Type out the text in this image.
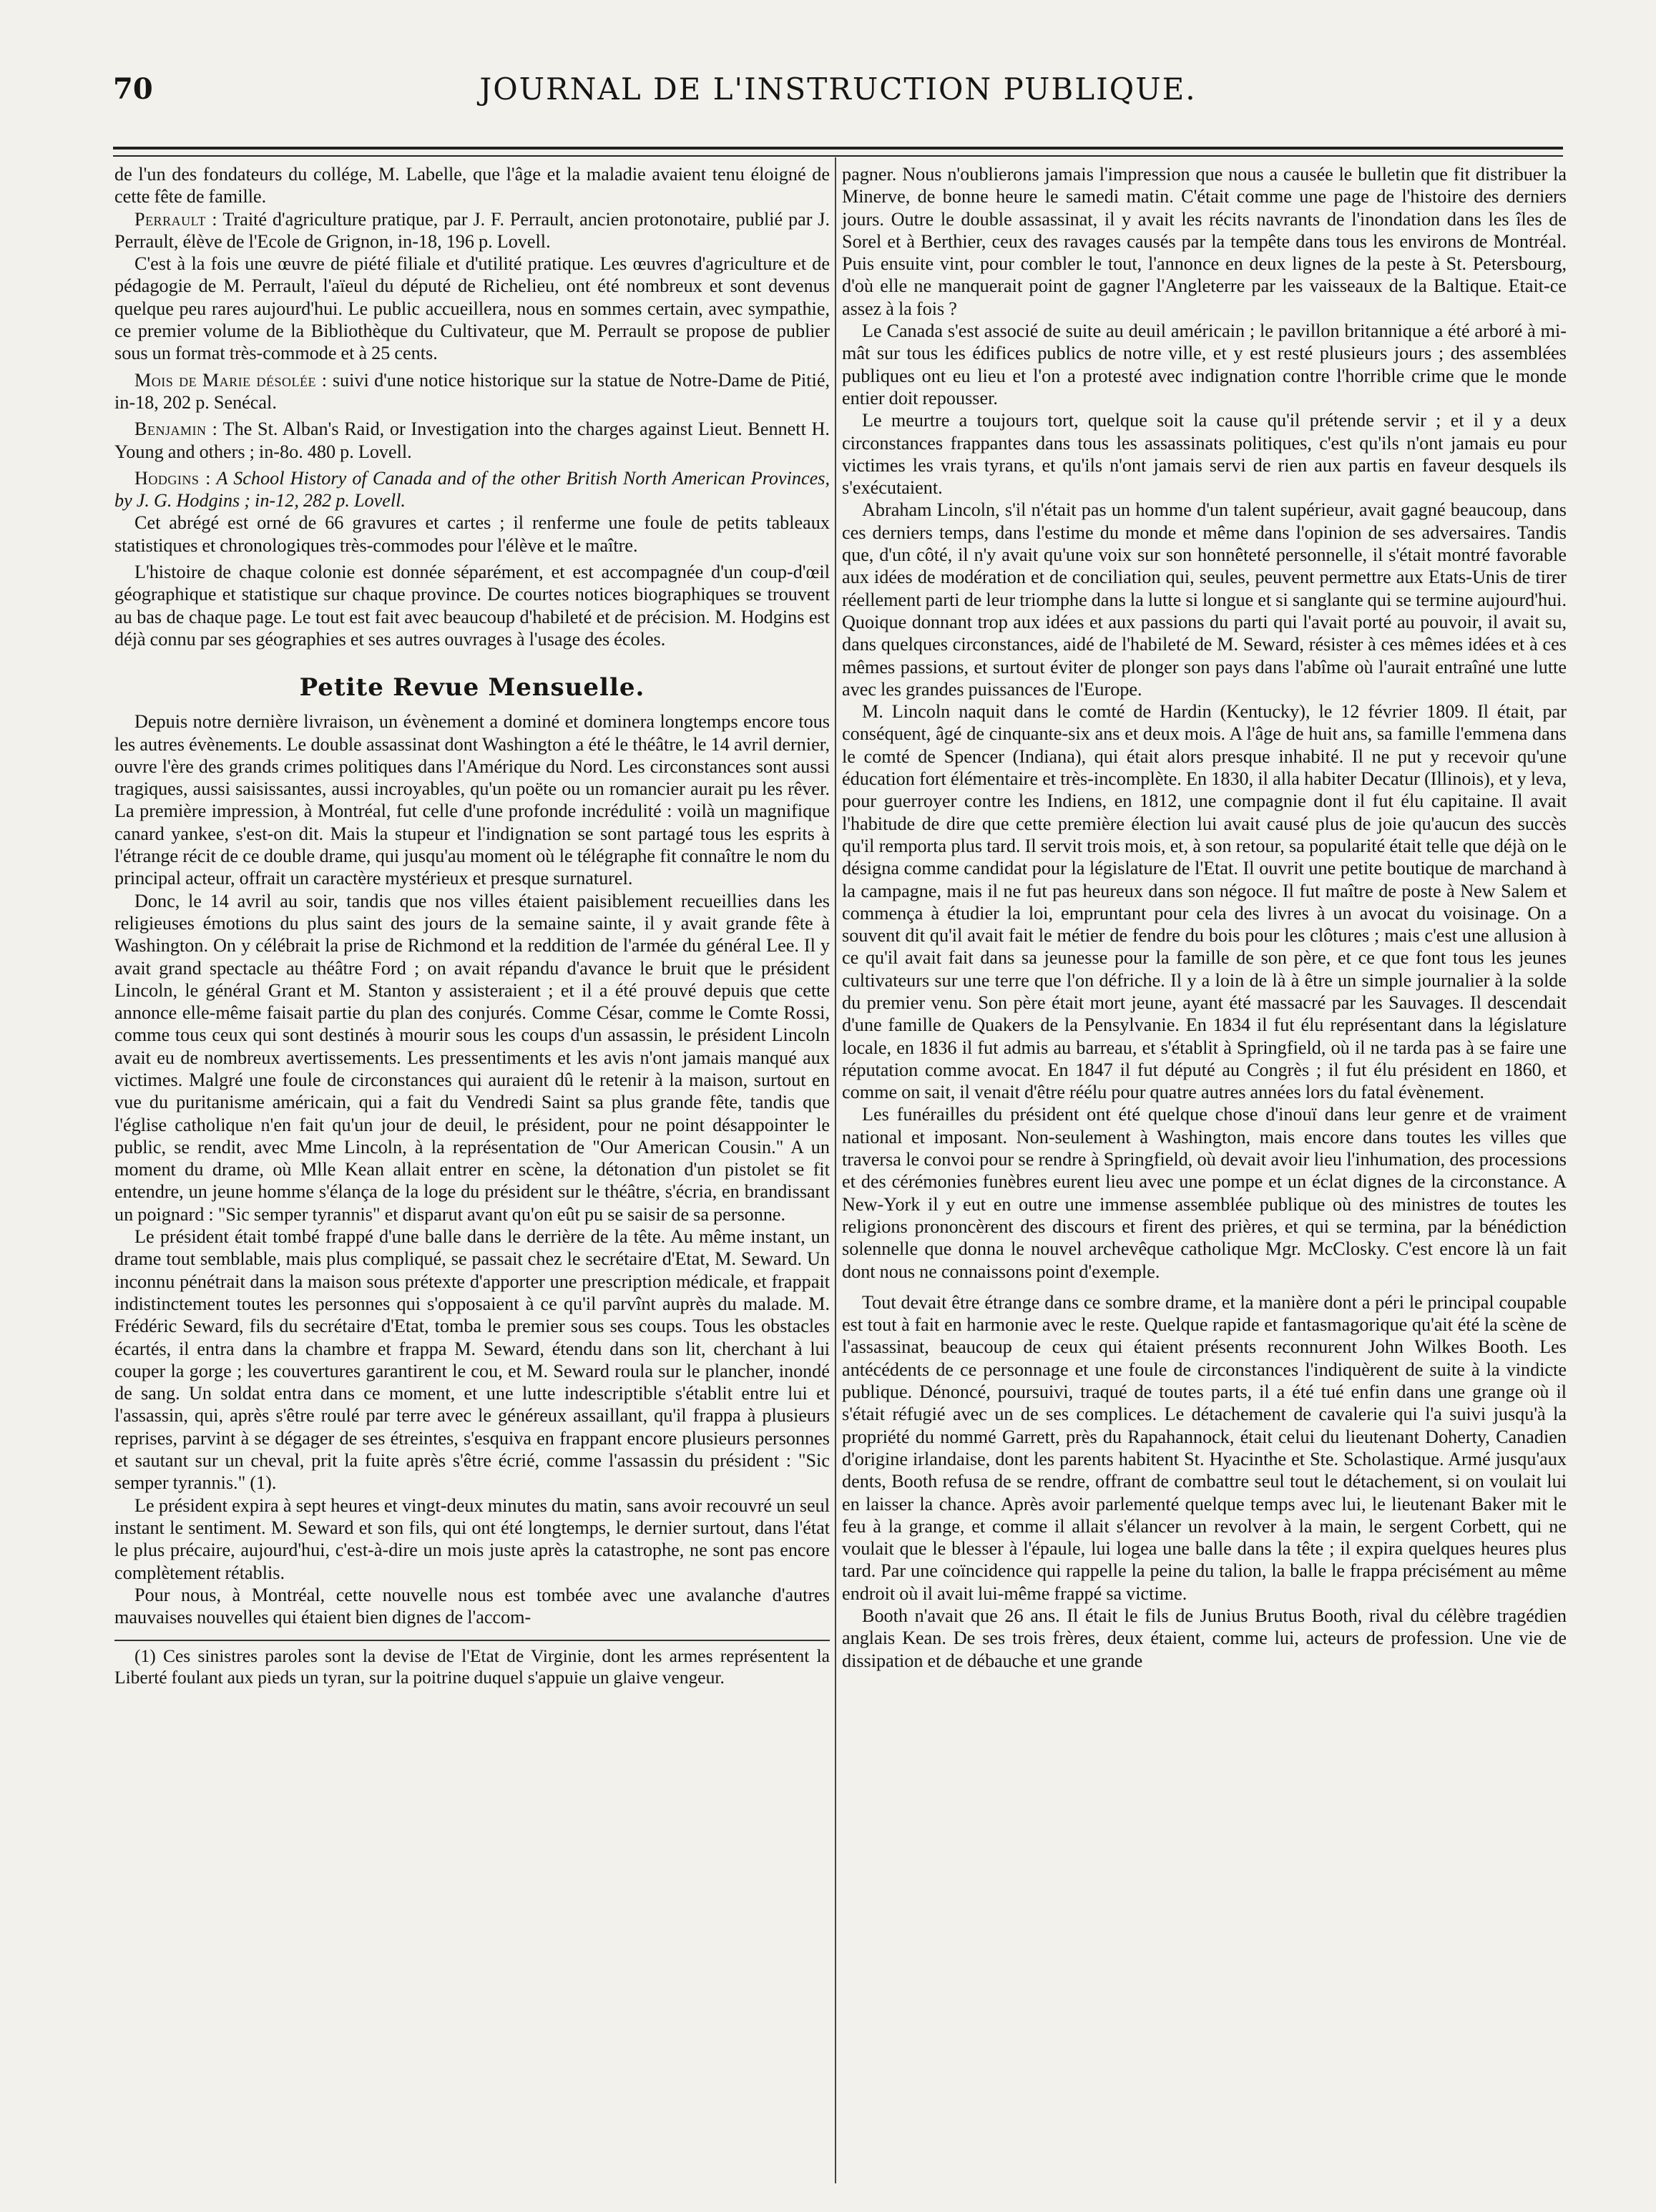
70	JOURNAL DE L'INSTRUCTION PUBLIQUE.

de l'un des fondateurs du collége, M. Labelle, que l'âge et la maladie avaient tenu éloigné de cette fête de famille.

Perrault : Traité d'agriculture pratique, par J. F. Perrault, ancien protonotaire, publié par J. Perrault, élève de l'Ecole de Grignon, in-18, 196 p. Lovell.

C'est à la fois une œuvre de piété filiale et d'utilité pratique. Les œuvres d'agriculture et de pédagogie de M. Perrault, l'aïeul du député de Richelieu, ont été nombreux et sont devenus quelque peu rares aujourd'hui. Le public accueillera, nous en sommes certain, avec sympathie, ce premier volume de la Bibliothèque du Cultivateur, que M. Perrault se propose de publier sous un format très-commode et à 25 cents.

Mois de Marie désolée : suivi d'une notice historique sur la statue de Notre-Dame de Pitié, in-18, 202 p. Senécal.

Benjamin : The St. Alban's Raid, or Investigation into the charges against Lieut. Bennett H. Young and others ; in-8o. 480 p. Lovell.

Hodgins : A School History of Canada and of the other British North American Provinces, by J. G. Hodgins ; in-12, 282 p. Lovell.

Cet abrégé est orné de 66 gravures et cartes ; il renferme une foule de petits tableaux statistiques et chronologiques très-commodes pour l'élève et le maître.

L'histoire de chaque colonie est donnée séparément, et est accompagnée d'un coup-d'œil géographique et statistique sur chaque province. De courtes notices biographiques se trouvent au bas de chaque page. Le tout est fait avec beaucoup d'habileté et de précision. M. Hodgins est déjà connu par ses géographies et ses autres ouvrages à l'usage des écoles.

Petite Revue Mensuelle.

Depuis notre dernière livraison, un évènement a dominé et dominera longtemps encore tous les autres évènements. Le double assassinat dont Washington a été le théâtre, le 14 avril dernier, ouvre l'ère des grands crimes politiques dans l'Amérique du Nord. Les circonstances sont aussi tragiques, aussi saisissantes, aussi incroyables, qu'un poëte ou un romancier aurait pu les rêver. La première impression, à Montréal, fut celle d'une profonde incrédulité : voilà un magnifique canard yankee, s'est-on dit. Mais la stupeur et l'indignation se sont partagé tous les esprits à l'étrange récit de ce double drame, qui jusqu'au moment où le télégraphe fit connaître le nom du principal acteur, offrait un caractère mystérieux et presque surnaturel.

Donc, le 14 avril au soir, tandis que nos villes étaient paisiblement recueillies dans les religieuses émotions du plus saint des jours de la semaine sainte, il y avait grande fête à Washington. On y célébrait la prise de Richmond et la reddition de l'armée du général Lee. Il y avait grand spectacle au théâtre Ford ; on avait répandu d'avance le bruit que le président Lincoln, le général Grant et M. Stanton y assisteraient ; et il a été prouvé depuis que cette annonce elle-même faisait partie du plan des conjurés. Comme César, comme le Comte Rossi, comme tous ceux qui sont destinés à mourir sous les coups d'un assassin, le président Lincoln avait eu de nombreux avertissements. Les pressentiments et les avis n'ont jamais manqué aux victimes. Malgré une foule de circonstances qui auraient dû le retenir à la maison, surtout en vue du puritanisme américain, qui a fait du Vendredi Saint sa plus grande fête, tandis que l'église catholique n'en fait qu'un jour de deuil, le président, pour ne point désappointer le public, se rendit, avec Mme Lincoln, à la représentation de "Our American Cousin." A un moment du drame, où Mlle Kean allait entrer en scène, la détonation d'un pistolet se fit entendre, un jeune homme s'élança de la loge du président sur le théâtre, s'écria, en brandissant un poignard : "Sic semper tyrannis" et disparut avant qu'on eût pu se saisir de sa personne.

Le président était tombé frappé d'une balle dans le derrière de la tête. Au même instant, un drame tout semblable, mais plus compliqué, se passait chez le secrétaire d'Etat, M. Seward. Un inconnu pénétrait dans la maison sous prétexte d'apporter une prescription médicale, et frappait indistinctement toutes les personnes qui s'opposaient à ce qu'il parvînt auprès du malade. M. Frédéric Seward, fils du secrétaire d'Etat, tomba le premier sous ses coups. Tous les obstacles écartés, il entra dans la chambre et frappa M. Seward, étendu dans son lit, cherchant à lui couper la gorge ; les couvertures garantirent le cou, et M. Seward roula sur le plancher, inondé de sang. Un soldat entra dans ce moment, et une lutte indescriptible s'établit entre lui et l'assassin, qui, après s'être roulé par terre avec le généreux assaillant, qu'il frappa à plusieurs reprises, parvint à se dégager de ses étreintes, s'esquiva en frappant encore plusieurs personnes et sautant sur un cheval, prit la fuite après s'être écrié, comme l'assassin du président : "Sic semper tyrannis." (1).

Le président expira à sept heures et vingt-deux minutes du matin, sans avoir recouvré un seul instant le sentiment. M. Seward et son fils, qui ont été longtemps, le dernier surtout, dans l'état le plus précaire, aujourd'hui, c'est-à-dire un mois juste après la catastrophe, ne sont pas encore complètement rétablis.

Pour nous, à Montréal, cette nouvelle nous est tombée avec une avalanche d'autres mauvaises nouvelles qui étaient bien dignes de l'accom-

(1) Ces sinistres paroles sont la devise de l'Etat de Virginie, dont les armes représentent la Liberté foulant aux pieds un tyran, sur la poitrine duquel s'appuie un glaive vengeur.

pagner. Nous n'oublierons jamais l'impression que nous a causée le bulletin que fit distribuer la Minerve, de bonne heure le samedi matin. C'était comme une page de l'histoire des derniers jours. Outre le double assassinat, il y avait les récits navrants de l'inondation dans les îles de Sorel et à Berthier, ceux des ravages causés par la tempête dans tous les environs de Montréal. Puis ensuite vint, pour combler le tout, l'annonce en deux lignes de la peste à St. Petersbourg, d'où elle ne manquerait point de gagner l'Angleterre par les vaisseaux de la Baltique. Etait-ce assez à la fois ?

Le Canada s'est associé de suite au deuil américain ; le pavillon britannique a été arboré à mi-mât sur tous les édifices publics de notre ville, et y est resté plusieurs jours ; des assemblées publiques ont eu lieu et l'on a protesté avec indignation contre l'horrible crime que le monde entier doit repousser.

Le meurtre a toujours tort, quelque soit la cause qu'il prétende servir ; et il y a deux circonstances frappantes dans tous les assassinats politiques, c'est qu'ils n'ont jamais eu pour victimes les vrais tyrans, et qu'ils n'ont jamais servi de rien aux partis en faveur desquels ils s'exécutaient.

Abraham Lincoln, s'il n'était pas un homme d'un talent supérieur, avait gagné beaucoup, dans ces derniers temps, dans l'estime du monde et même dans l'opinion de ses adversaires. Tandis que, d'un côté, il n'y avait qu'une voix sur son honnêteté personnelle, il s'était montré favorable aux idées de modération et de conciliation qui, seules, peuvent permettre aux Etats-Unis de tirer réellement parti de leur triomphe dans la lutte si longue et si sanglante qui se termine aujourd'hui. Quoique donnant trop aux idées et aux passions du parti qui l'avait porté au pouvoir, il avait su, dans quelques circonstances, aidé de l'habileté de M. Seward, résister à ces mêmes idées et à ces mêmes passions, et surtout éviter de plonger son pays dans l'abîme où l'aurait entraîné une lutte avec les grandes puissances de l'Europe.

M. Lincoln naquit dans le comté de Hardin (Kentucky), le 12 février 1809. Il était, par conséquent, âgé de cinquante-six ans et deux mois. A l'âge de huit ans, sa famille l'emmena dans le comté de Spencer (Indiana), qui était alors presque inhabité. Il ne put y recevoir qu'une éducation fort élémentaire et très-incomplète. En 1830, il alla habiter Decatur (Illinois), et y leva, pour guerroyer contre les Indiens, en 1812, une compagnie dont il fut élu capitaine. Il avait l'habitude de dire que cette première élection lui avait causé plus de joie qu'aucun des succès qu'il remporta plus tard. Il servit trois mois, et, à son retour, sa popularité était telle que déjà on le désigna comme candidat pour la législature de l'Etat. Il ouvrit une petite boutique de marchand à la campagne, mais il ne fut pas heureux dans son négoce. Il fut maître de poste à New Salem et commença à étudier la loi, empruntant pour cela des livres à un avocat du voisinage. On a souvent dit qu'il avait fait le métier de fendre du bois pour les clôtures ; mais c'est une allusion à ce qu'il avait fait dans sa jeunesse pour la famille de son père, et ce que font tous les jeunes cultivateurs sur une terre que l'on défriche. Il y a loin de là à être un simple journalier à la solde du premier venu. Son père était mort jeune, ayant été massacré par les Sauvages. Il descendait d'une famille de Quakers de la Pensylvanie. En 1834 il fut élu représentant dans la législature locale, en 1836 il fut admis au barreau, et s'établit à Springfield, où il ne tarda pas à se faire une réputation comme avocat. En 1847 il fut député au Congrès ; il fut élu président en 1860, et comme on sait, il venait d'être réélu pour quatre autres années lors du fatal évènement.

Les funérailles du président ont été quelque chose d'inouï dans leur genre et de vraiment national et imposant. Non-seulement à Washington, mais encore dans toutes les villes que traversa le convoi pour se rendre à Springfield, où devait avoir lieu l'inhumation, des processions et des cérémonies funèbres eurent lieu avec une pompe et un éclat dignes de la circonstance. A New-York il y eut en outre une immense assemblée publique où des ministres de toutes les religions prononcèrent des discours et firent des prières, et qui se termina, par la bénédiction solennelle que donna le nouvel archevêque catholique Mgr. McClosky. C'est encore là un fait dont nous ne connaissons point d'exemple.

Tout devait être étrange dans ce sombre drame, et la manière dont a péri le principal coupable est tout à fait en harmonie avec le reste. Quelque rapide et fantasmagorique qu'ait été la scène de l'assassinat, beaucoup de ceux qui étaient présents reconnurent John Wilkes Booth. Les antécédents de ce personnage et une foule de circonstances l'indiquèrent de suite à la vindicte publique. Dénoncé, poursuivi, traqué de toutes parts, il a été tué enfin dans une grange où il s'était réfugié avec un de ses complices. Le détachement de cavalerie qui l'a suivi jusqu'à la propriété du nommé Garrett, près du Rapahannock, était celui du lieutenant Doherty, Canadien d'origine irlandaise, dont les parents habitent St. Hyacinthe et Ste. Scholastique. Armé jusqu'aux dents, Booth refusa de se rendre, offrant de combattre seul tout le détachement, si on voulait lui en laisser la chance. Après avoir parlementé quelque temps avec lui, le lieutenant Baker mit le feu à la grange, et comme il allait s'élancer un revolver à la main, le sergent Corbett, qui ne voulait que le blesser à l'épaule, lui logea une balle dans la tête ; il expira quelques heures plus tard. Par une coïncidence qui rappelle la peine du talion, la balle le frappa précisément au même endroit où il avait lui-même frappé sa victime.

Booth n'avait que 26 ans. Il était le fils de Junius Brutus Booth, rival du célèbre tragédien anglais Kean. De ses trois frères, deux étaient, comme lui, acteurs de profession. Une vie de dissipation et de débauche et une grande
